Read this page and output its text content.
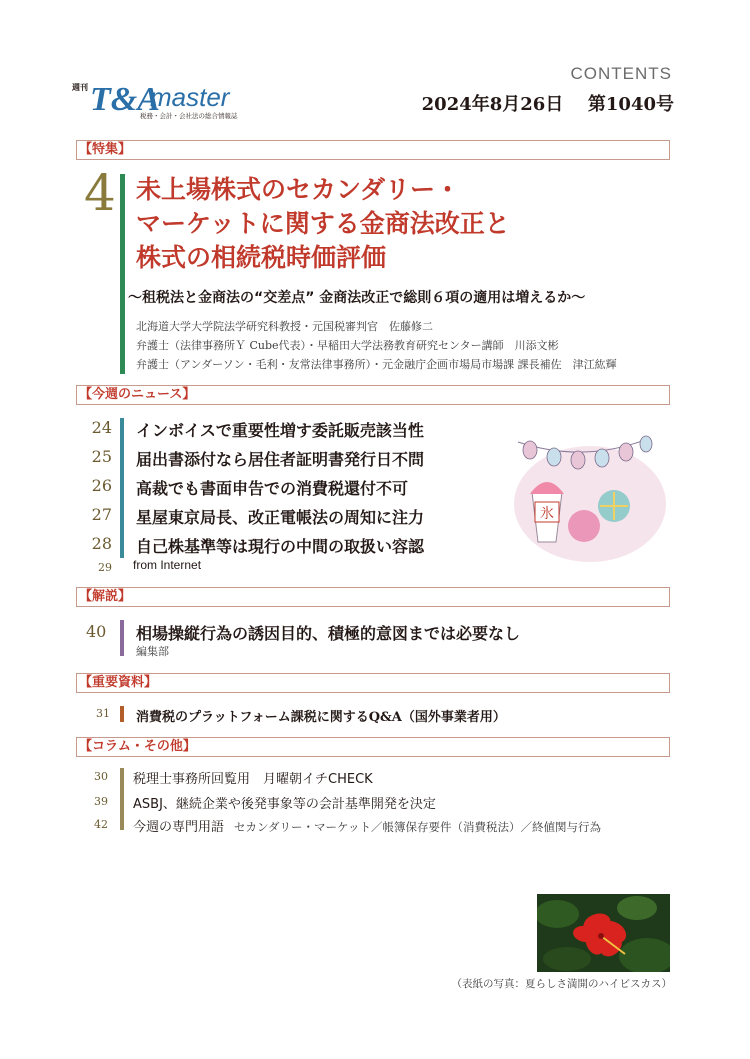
週刊 T&A
master
税務・会計・会社法の総合情報誌
CONTENTS
2024年8月26日 第1040号
【特集】
4 未上場株式のセカンダリー・
マーケットに関する金商法改正と
株式の相続税時価評価
～租税法と金商法の“交差点” 金商法改正で総則６項の適用は増えるか～
北海道大学大学院法学研究科教授・元国税審判官　佐藤修二
弁護士（法律事務所Ｙ Cube代表）・早稲田大学法務教育研究センター講師　川添文彬
弁護士（アンダーソン・毛利・友常法律事務所）・元金融庁企画市場局市場課 課長補佐　津江紘輝
【今週のニュース】
24 インボイスで重要性増す委託販売該当性
25 届出書添付なら居住者証明書発行日不問
26 高裁でも書面申告での消費税還付不可
27 星屋東京局長、改正電帳法の周知に注力
28 自己株基準等は現行の中間の取扱い容認
29 from Internet
氷
【解説】
40 相場操縦行為の誘因目的、積極的意図までは必要なし
編集部
【重要資料】
31 消費税のプラットフォーム課税に関するQ&A（国外事業者用）
【コラム・その他】
30 税理士事務所回覧用　月曜朝イチCHECK
39 ASBJ、継続企業や後発事象等の会計基準開発を決定
42 今週の専門用語 セカンダリー・マーケット／帳簿保存要件（消費税法）／終値関与行為
（表紙の写真：夏らしさ満開のハイビスカス）
